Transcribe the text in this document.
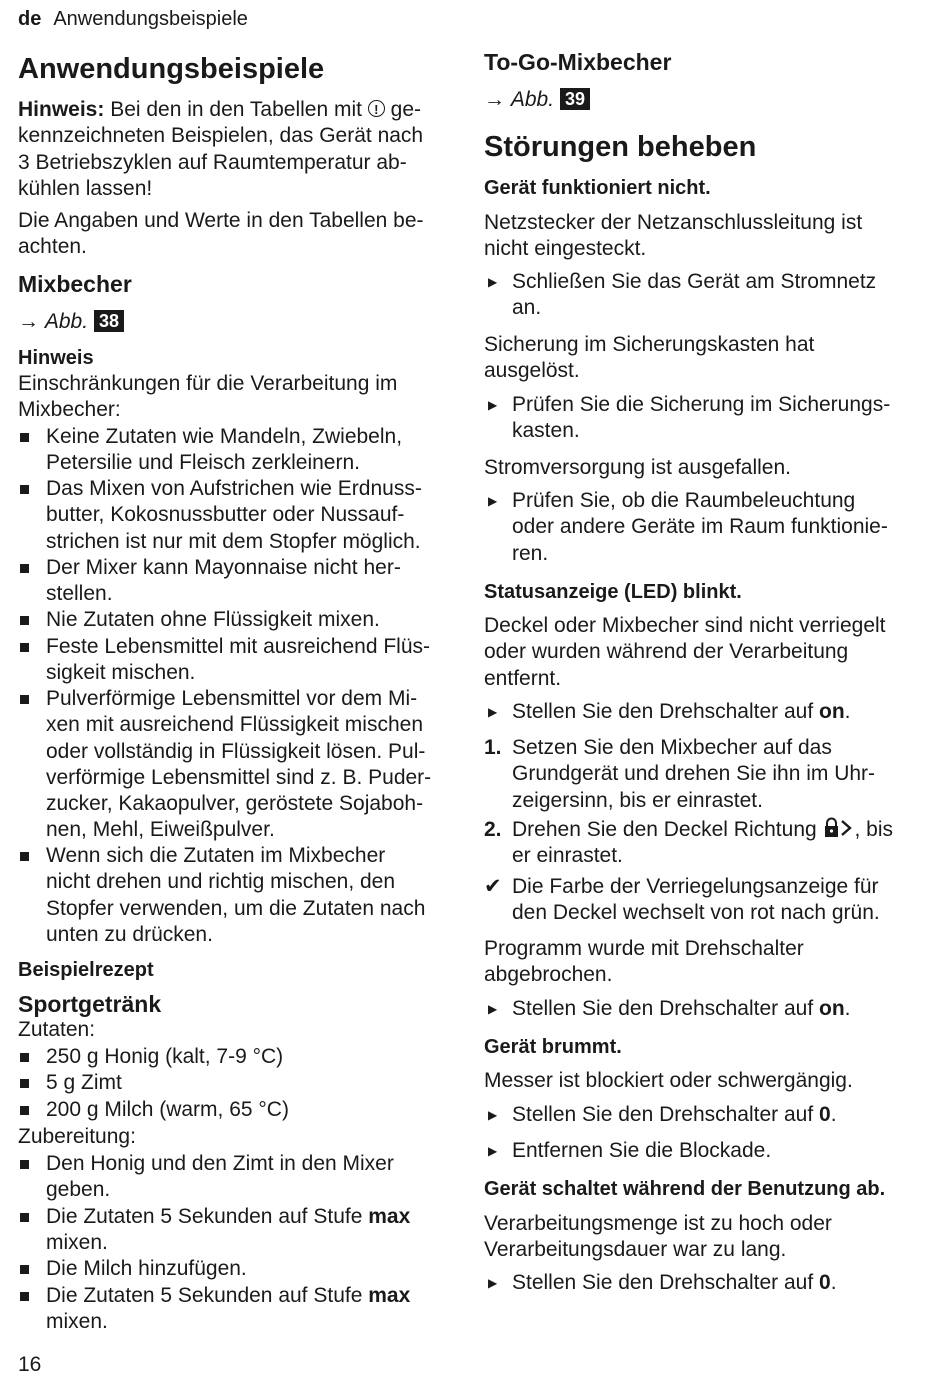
de Anwendungsbeispiele
Anwendungsbeispiele
Hinweis: Bei den in den Tabellen mit ! ge-
kennzeichneten Beispielen, das Gerät nach
3 Betriebszyklen auf Raumtemperatur ab-
kühlen lassen!
Die Angaben und Werte in den Tabellen be-
achten.
Mixbecher
→ Abb. 38
Hinweis
Einschränkungen für die Verarbeitung im
Mixbecher:
Keine Zutaten wie Mandeln, Zwiebeln,
Petersilie und Fleisch zerkleinern.
Das Mixen von Aufstrichen wie Erdnuss-
butter, Kokosnussbutter oder Nussauf-
strichen ist nur mit dem Stopfer möglich.
Der Mixer kann Mayonnaise nicht her-
stellen.
Nie Zutaten ohne Flüssigkeit mixen.
Feste Lebensmittel mit ausreichend Flüs-
sigkeit mischen.
Pulverförmige Lebensmittel vor dem Mi-
xen mit ausreichend Flüssigkeit mischen
oder vollständig in Flüssigkeit lösen. Pul-
verförmige Lebensmittel sind z. B. Puder-
zucker, Kakaopulver, geröstete Sojaboh-
nen, Mehl, Eiweißpulver.
Wenn sich die Zutaten im Mixbecher
nicht drehen und richtig mischen, den
Stopfer verwenden, um die Zutaten nach
unten zu drücken.
Beispielrezept
Sportgetränk
Zutaten:
250 g Honig (kalt, 7-9 °C)
5 g Zimt
200 g Milch (warm, 65 °C)
Zubereitung:
Den Honig und den Zimt in den Mixer
geben.
Die Zutaten 5 Sekunden auf Stufe max
mixen.
Die Milch hinzufügen.
Die Zutaten 5 Sekunden auf Stufe max
mixen.
To-Go-Mixbecher
→ Abb. 39
Störungen beheben
Gerät funktioniert nicht.
Netzstecker der Netzanschlussleitung ist
nicht eingesteckt.
▶ Schließen Sie das Gerät am Stromnetz
an.
Sicherung im Sicherungskasten hat
ausgelöst.
▶ Prüfen Sie die Sicherung im Sicherungs-
kasten.
Stromversorgung ist ausgefallen.
▶ Prüfen Sie, ob die Raumbeleuchtung
oder andere Geräte im Raum funktionie-
ren.
Statusanzeige (LED) blinkt.
Deckel oder Mixbecher sind nicht verriegelt
oder wurden während der Verarbeitung
entfernt.
▶ Stellen Sie den Drehschalter auf on.
1. Setzen Sie den Mixbecher auf das
Grundgerät und drehen Sie ihn im Uhr-
zeigersinn, bis er einrastet.
2. Drehen Sie den Deckel Richtung , bis
er einrastet.
✔ Die Farbe der Verriegelungsanzeige für
den Deckel wechselt von rot nach grün.
Programm wurde mit Drehschalter
abgebrochen.
▶ Stellen Sie den Drehschalter auf on.
Gerät brummt.
Messer ist blockiert oder schwergängig.
▶ Stellen Sie den Drehschalter auf 0.
▶ Entfernen Sie die Blockade.
Gerät schaltet während der Benutzung ab.
Verarbeitungsmenge ist zu hoch oder
Verarbeitungsdauer war zu lang.
▶ Stellen Sie den Drehschalter auf 0.
16
